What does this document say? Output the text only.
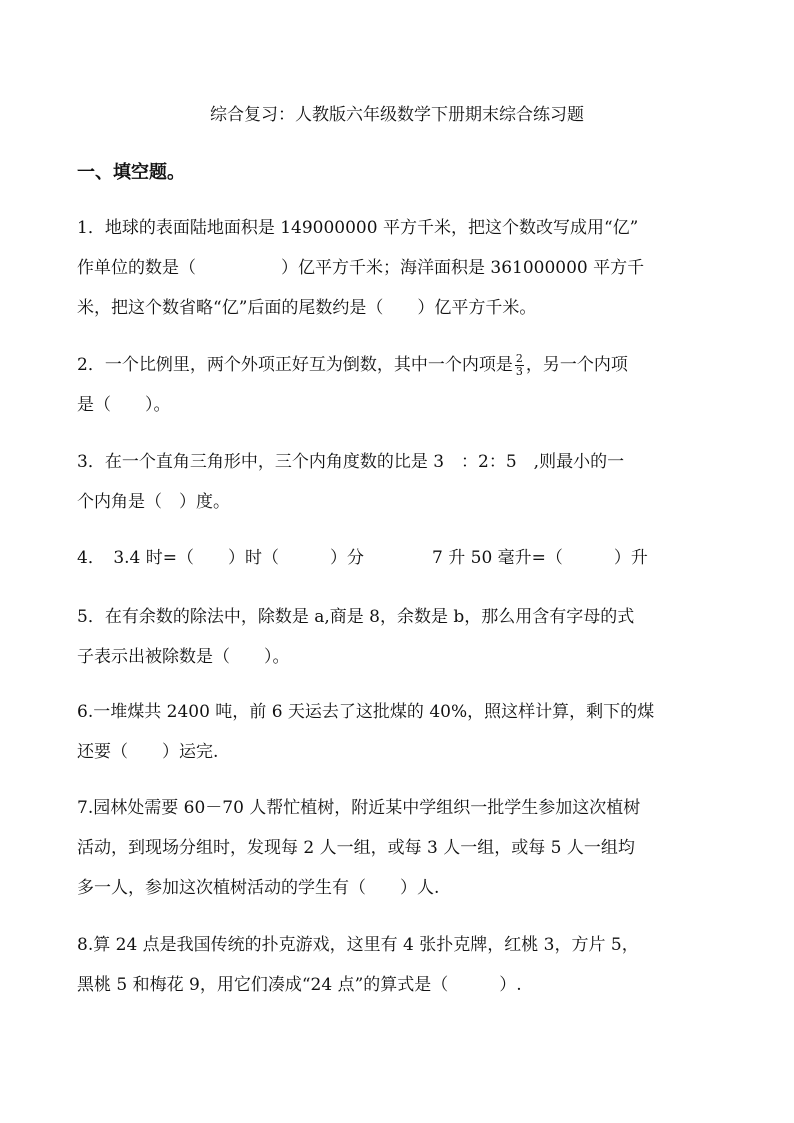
综合复习：人教版六年级数学下册期末综合练习题
一、填空题。
1．地球的表面陆地面积是 149000000 平方千米，把这个数改写成用“亿”
作单位的数是（　　　　　）亿平方千米；海洋面积是 361000000 平方千
米，把这个数省略“亿”后面的尾数约是（　　）亿平方千米。
2．一个比例里，两个外项正好互为倒数，其中一个内项是 $\frac{2}{3}$ ，另一个内项
是（　　）。
3．在一个直角三角形中，三个内角度数的比是 3　：2：5　,则最小的一
个内角是（　）度。
4．　3.4 时=（　　）时（　　　）分　　　　7 升 50 毫升=（　　　）升
5．在有余数的除法中，除数是 a,商是 8，余数是 b，那么用含有字母的式
子表示出被除数是（　　）。
6.一堆煤共 2400 吨，前 6 天运去了这批煤的 40%，照这样计算，剩下的煤
还要（　　）运完.
7.园林处需要 60－70 人帮忙植树，附近某中学组织一批学生参加这次植树
活动，到现场分组时，发现每 2 人一组，或每 3 人一组，或每 5 人一组均
多一人，参加这次植树活动的学生有（　　）人.
8.算 24 点是我国传统的扑克游戏，这里有 4 张扑克牌，红桃 3，方片 5，
黑桃 5 和梅花 9，用它们凑成“24 点”的算式是（　　　）.
